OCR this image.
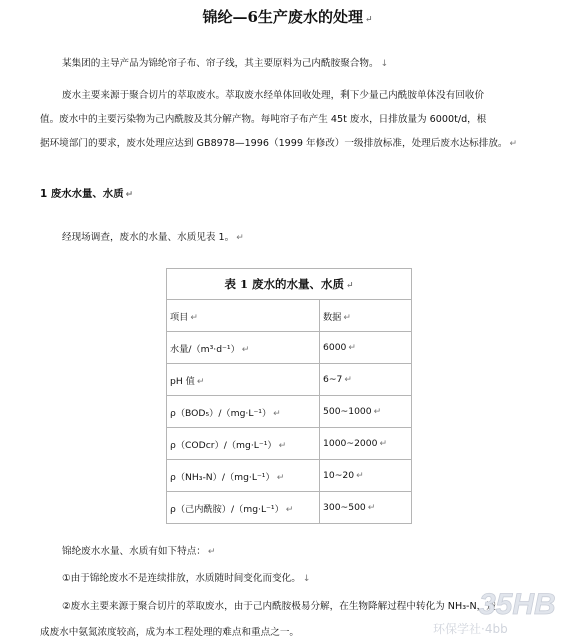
锦纶—6生产废水的处理 ↵
某集团的主导产品为锦纶帘子布、帘子线，其主要原料为己内酰胺聚合物。 ↓
废水主要来源于聚合切片的萃取废水。萃取废水经单体回收处理，剩下少量己内酰胺单体没有回收价
值。废水中的主要污染物为己内酰胺及其分解产物。每吨帘子布产生 45t 废水，日排放量为 6000t/d，根
据环境部门的要求，废水处理应达到 GB8978—1996（1999 年修改）一级排放标准，处理后废水达标排放。 ↵
1 废水水量、水质 ↵
经现场调查，废水的水量、水质见表 1。 ↵
表 1 废水的水量、水质 ↵	
项目 ↵	数据 ↵
水量/（m³·d⁻¹） ↵	6000 ↵
pH 值 ↵	6~7 ↵
ρ（BOD₅）/（mg·L⁻¹） ↵	500~1000 ↵
ρ（CODcr）/（mg·L⁻¹） ↵	1000~2000 ↵
ρ（NH₃-N）/（mg·L⁻¹） ↵	10~20 ↵
ρ（己内酰胺）/（mg·L⁻¹） ↵	300~500 ↵
锦纶废水水量、水质有如下特点： ↵
①由于锦纶废水不是连续排放，水质随时间变化而变化。 ↓
②废水主要来源于聚合切片的萃取废水，由于己内酰胺极易分解，在生物降解过程中转化为 NH₃-N，造
成废水中氨氮浓度较高，成为本工程处理的难点和重点之一。
35HB
环保学社·4bb
